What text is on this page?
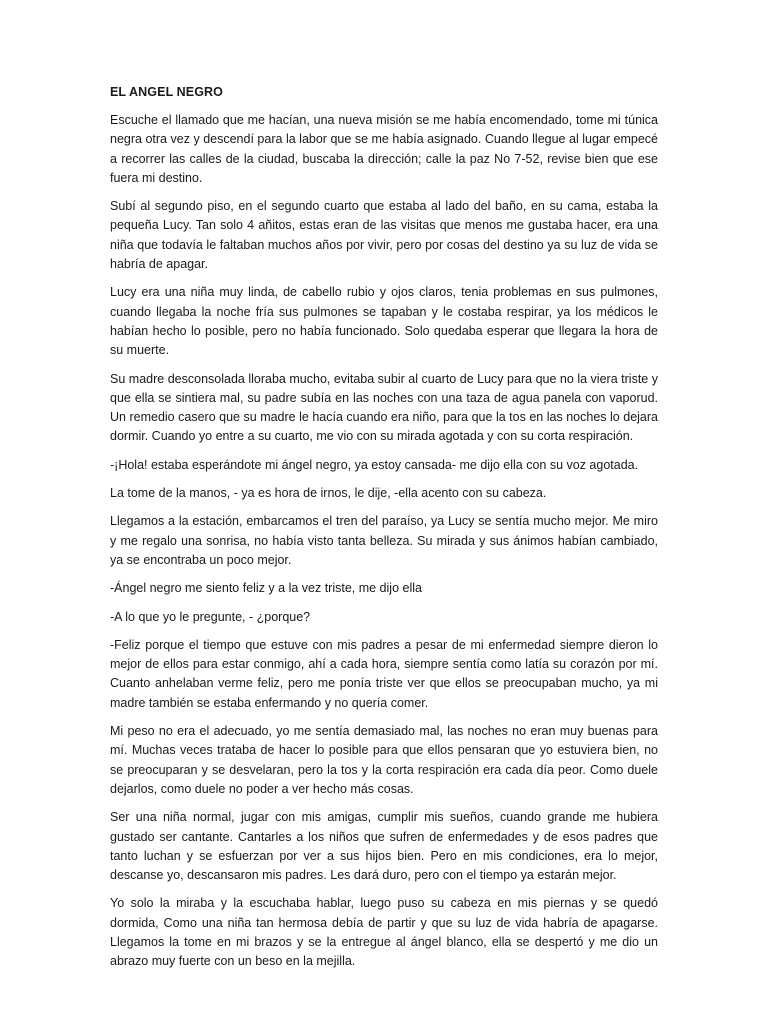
EL ANGEL NEGRO

Escuche el llamado que me hacían, una nueva misión se me había encomendado, tome mi túnica negra otra vez y descendí para la labor que se me había asignado. Cuando llegue al lugar empecé a recorrer las calles de la ciudad, buscaba la dirección; calle la paz No 7-52, revise bien que ese fuera mi destino.

Subí al segundo piso, en el segundo cuarto que estaba al lado del baño, en su cama, estaba la pequeña Lucy. Tan solo 4 añitos, estas eran de las visitas que menos me gustaba hacer, era una niña que todavía le faltaban muchos años por vivir, pero por cosas del destino ya su luz de vida se habría de apagar.

Lucy era una niña muy linda, de cabello rubio y ojos claros, tenia problemas en sus pulmones, cuando llegaba la noche fría sus pulmones se tapaban y le costaba respirar, ya los médicos le habían hecho lo posible, pero no había funcionado. Solo quedaba esperar que llegara la hora de su muerte.

Su madre desconsolada lloraba mucho, evitaba subir al cuarto de Lucy para que no la viera triste y que ella se sintiera mal, su padre subía en las noches con una taza de agua panela con vaporud. Un remedio casero que su madre le hacía cuando era niño, para que la tos en las noches lo dejara dormir. Cuando yo entre a su cuarto, me vio con su mirada agotada y con su corta respiración.

-¡Hola! estaba esperándote mi ángel negro, ya estoy cansada- me dijo ella con su voz agotada.

La tome de la manos, - ya es hora de irnos, le dije, -ella acento con su cabeza.

Llegamos a la estación, embarcamos el tren del paraíso, ya Lucy se sentía mucho mejor. Me miro y me regalo una sonrisa, no había visto tanta belleza. Su mirada y sus ánimos habían cambiado, ya se encontraba un poco mejor.

-Ángel negro me siento feliz y a la vez triste, me dijo ella

-A lo que yo le pregunte, - ¿porque?

-Feliz porque el tiempo que estuve con mis padres a pesar de mi enfermedad siempre dieron lo mejor de ellos para estar conmigo, ahí a cada hora, siempre sentía como latía su corazón por mí. Cuanto anhelaban verme feliz, pero me ponía triste ver que ellos se preocupaban mucho, ya mi madre también se estaba enfermando y no quería comer.

Mi peso no era el adecuado, yo me sentía demasiado mal, las noches no eran muy buenas para mí. Muchas veces trataba de hacer lo posible para que ellos pensaran que yo estuviera bien, no se preocuparan y se desvelaran, pero la tos y la corta respiración era cada día peor. Como duele dejarlos, como duele no poder a ver hecho más cosas.

Ser una niña normal, jugar con mis amigas, cumplir mis sueños, cuando grande me hubiera gustado ser cantante. Cantarles a los niños que sufren de enfermedades y de esos padres que tanto luchan y se esfuerzan por ver a sus hijos bien. Pero en mis condiciones, era lo mejor, descanse yo, descansaron mis padres. Les dará duro, pero con el tiempo ya estarán mejor.

Yo solo la miraba y la escuchaba hablar, luego puso su cabeza en mis piernas y se quedó dormida, Como una niña tan hermosa debía de partir y que su luz de vida habría de apagarse. Llegamos la tome en mi brazos y se la entregue al ángel blanco, ella se despertó y me dio un abrazo muy fuerte con un beso en la mejilla.
